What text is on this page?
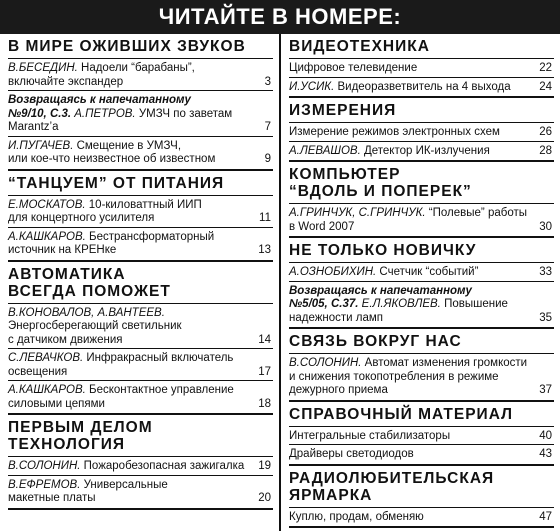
ЧИТАЙТЕ В НОМЕРЕ:
В МИРЕ ОЖИВШИХ ЗВУКОВ
В.БЕСЕДИН. Надоели “барабаны”,
включайте экспандер	3
Возвращаясь к напечатанному
№9/10, С.3. А.ПЕТРОВ. УМЗЧ по заветам
Marantz’a	7
И.ПУГАЧЕВ. Смещение в УМЗЧ,
или кое-что неизвестное об известном	9
“ТАНЦУЕМ” ОТ ПИТАНИЯ
Е.МОСКАТОВ. 10-киловаттный ИИП
для концертного усилителя	11
А.КАШКАРОВ. Бестрансформаторный
источник на КРЕНке	13
АВТОМАТИКА
ВСЕГДА ПОМОЖЕТ
В.КОНОВАЛОВ, А.ВАНТЕЕВ.
Энергосберегающий светильник
с датчиком движения	14
С.ЛЕВАЧКОВ. Инфракрасный включатель
освещения	17
А.КАШКАРОВ. Бесконтактное управление
силовыми цепями	18
ПЕРВЫМ ДЕЛОМ
ТЕХНОЛОГИЯ
В.СОЛОНИН. Пожаробезопасная зажигалка 19
В.ЕФРЕМОВ. Универсальные
макетные платы	20
ВИДЕОТЕХНИКА
Цифровое телевидение	22
И.УСИК. Видеоразветвитель на 4 выхода	24
ИЗМЕРЕНИЯ
Измерение режимов электронных схем	26
А.ЛЕВАШОВ. Детектор ИК-излучения	28
КОМПЬЮТЕР
“ВДОЛЬ И ПОПЕРЕК”
А.ГРИНЧУК, С.ГРИНЧУК. “Полевые” работы
в Word 2007	30
НЕ ТОЛЬКО НОВИЧКУ
А.ОЗНОБИХИН. Счетчик “событий”	33
Возвращаясь к напечатанному
№5/05, С.37. Е.Л.ЯКОВЛЕВ. Повышение
надежности ламп	35
СВЯЗЬ ВОКРУГ НАС
В.СОЛОНИН. Автомат изменения громкости
и снижения токопотребления в режиме
дежурного приема	37
СПРАВОЧНЫЙ МАТЕРИАЛ
Интегральные стабилизаторы	40
Драйверы светодиодов	43
РАДИОЛЮБИТЕЛЬСКАЯ
ЯРМАРКА
Куплю, продам, обменяю	47
